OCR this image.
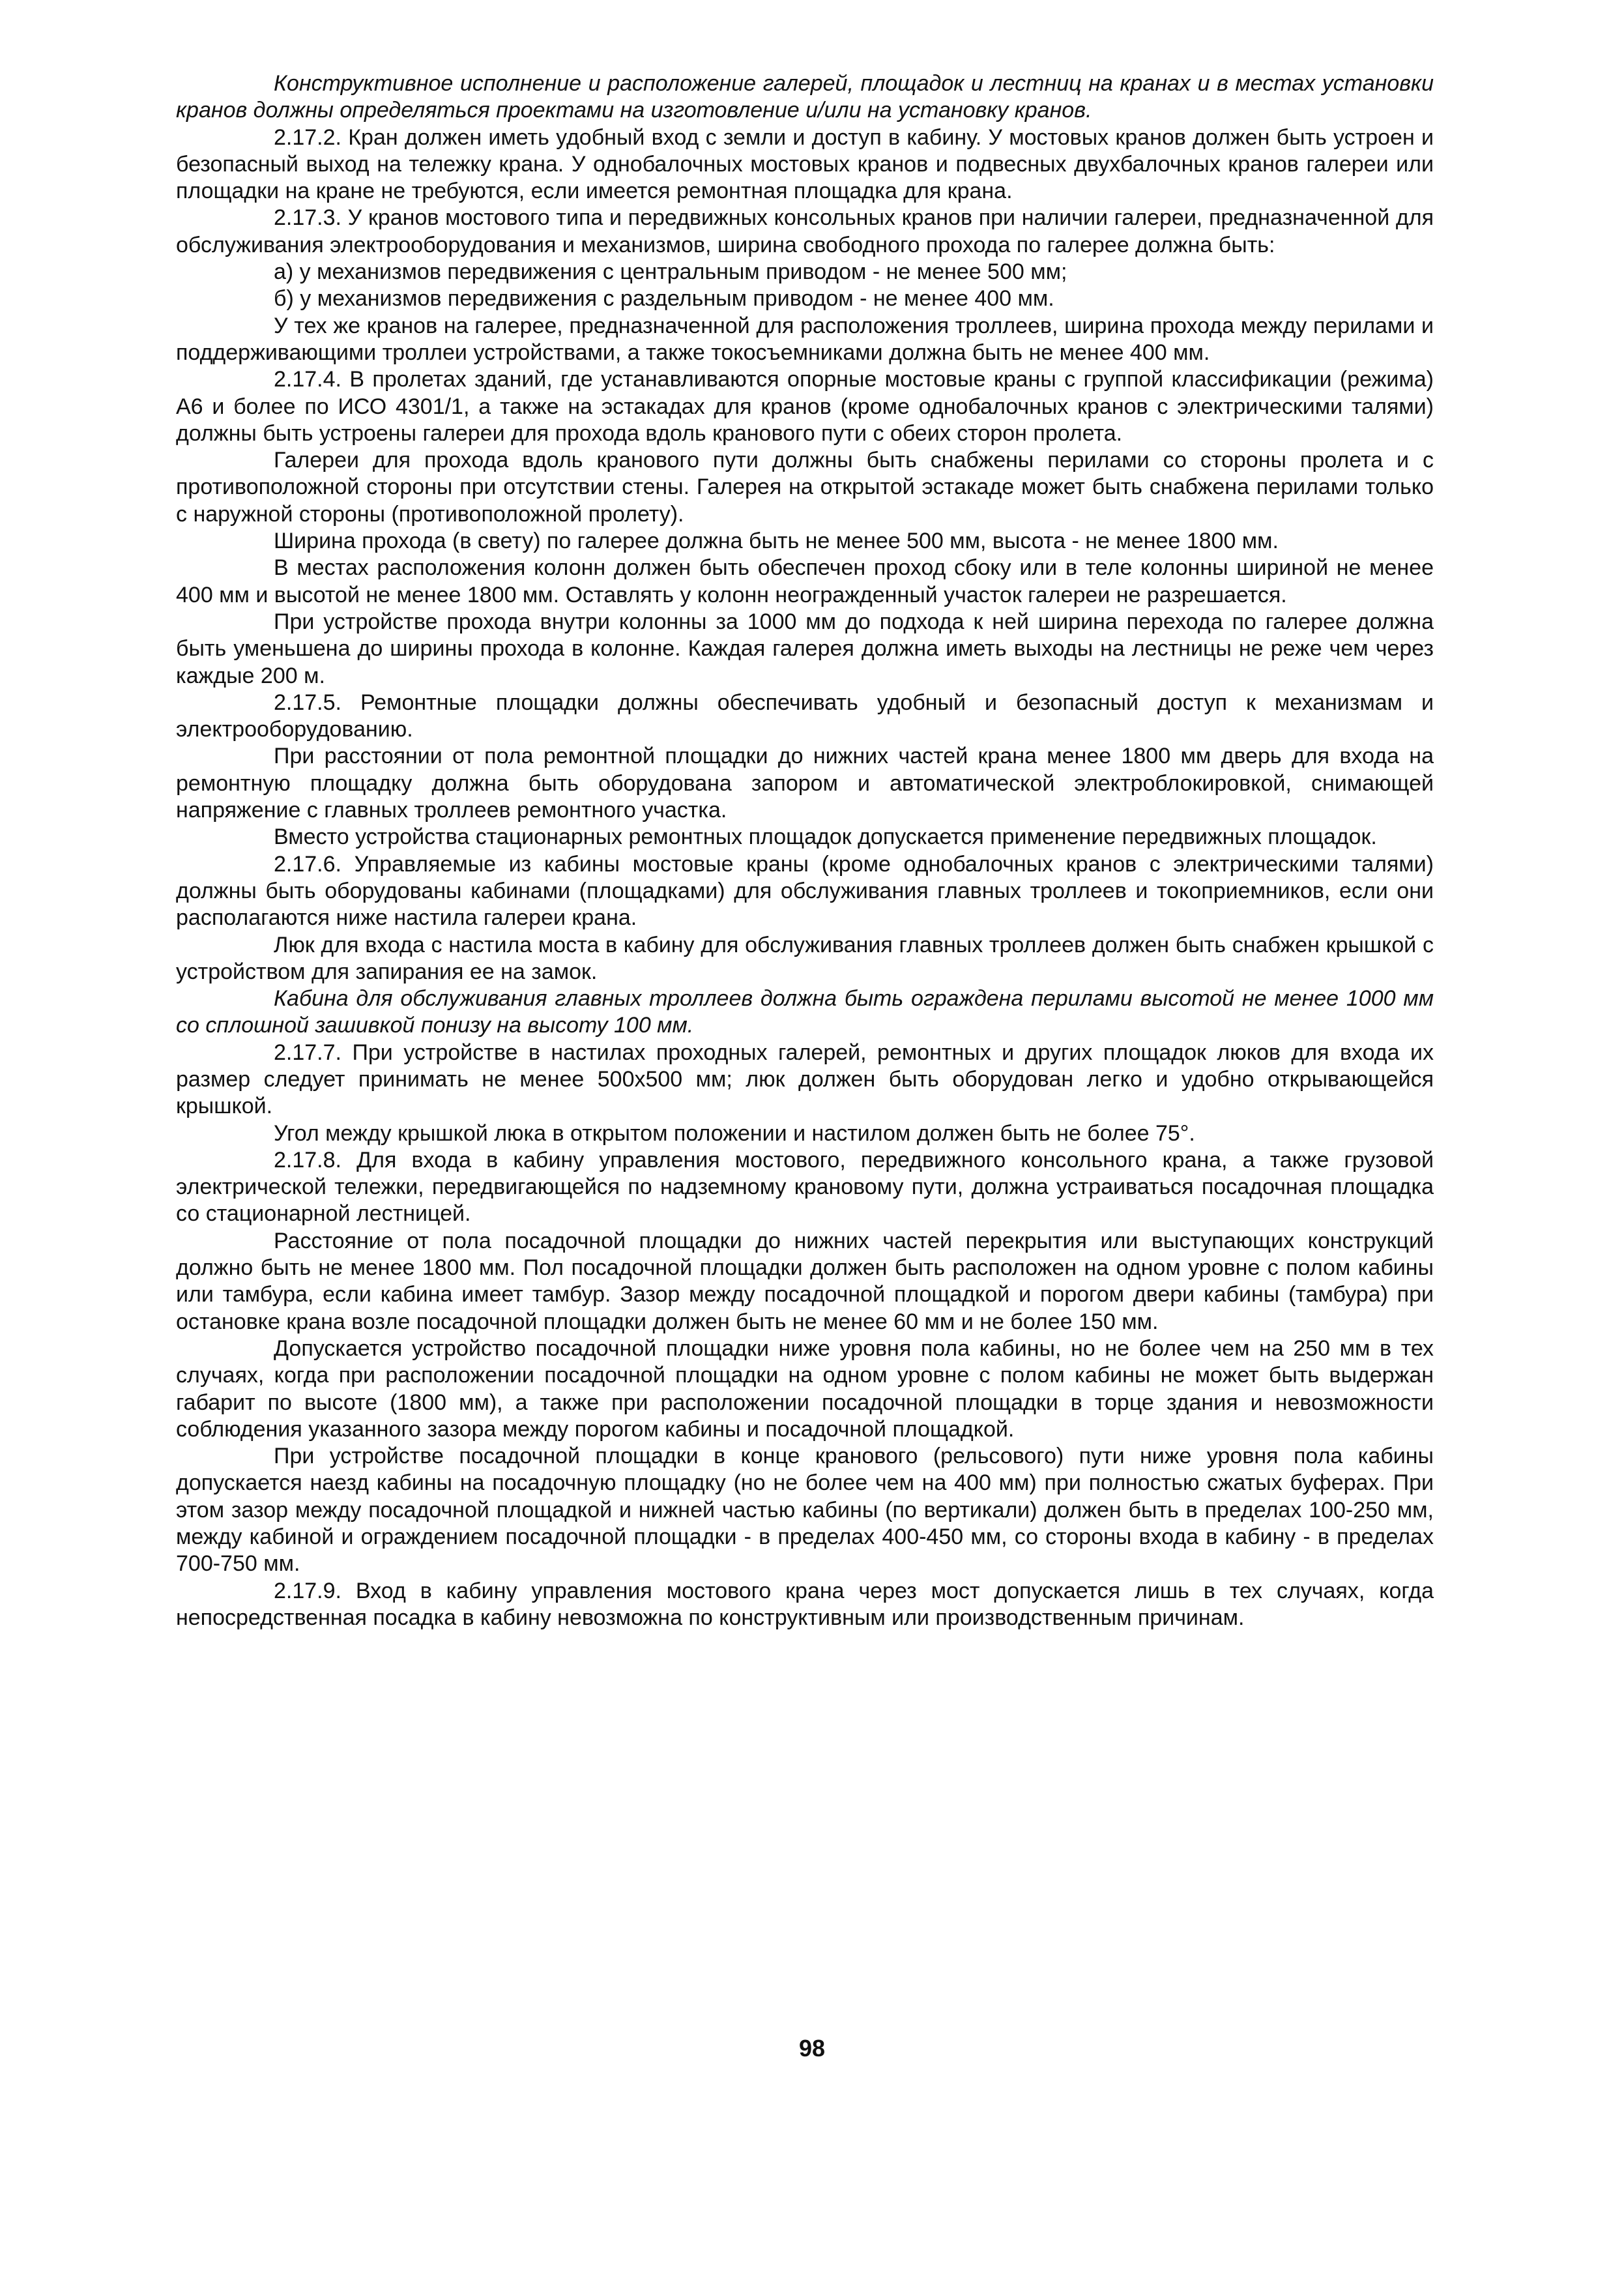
Конструктивное исполнение и расположение галерей, площадок и лестниц на кранах и в местах установки кранов должны определяться проектами на изготовление и/или на установку кранов.

2.17.2. Кран должен иметь удобный вход с земли и доступ в кабину. У мостовых кранов должен быть устроен и безопасный выход на тележку крана. У однобалочных мостовых кранов и подвесных двухбалочных кранов галереи или площадки на кране не требуются, если имеется ремонтная площадка для крана.

2.17.3. У кранов мостового типа и передвижных консольных кранов при наличии галереи, предназначенной для обслуживания электрооборудования и механизмов, ширина свободного прохода по галерее должна быть:

а) у механизмов передвижения с центральным приводом - не менее 500 мм;

б) у механизмов передвижения с раздельным приводом - не менее 400 мм.

У тех же кранов на галерее, предназначенной для расположения троллеев, ширина прохода между перилами и поддерживающими троллеи устройствами, а также токосъемниками должна быть не менее 400 мм.

2.17.4. В пролетах зданий, где устанавливаются опорные мостовые краны с группой классификации (режима) А6 и более по ИСО 4301/1, а также на эстакадах для кранов (кроме однобалочных кранов с электрическими талями) должны быть устроены галереи для прохода вдоль кранового пути с обеих сторон пролета.

Галереи для прохода вдоль кранового пути должны быть снабжены перилами со стороны пролета и с противоположной стороны при отсутствии стены. Галерея на открытой эстакаде может быть снабжена перилами только с наружной стороны (противоположной пролету).

Ширина прохода (в свету) по галерее должна быть не менее 500 мм, высота - не менее 1800 мм.

В местах расположения колонн должен быть обеспечен проход сбоку или в теле колонны шириной не менее 400 мм и высотой не менее 1800 мм. Оставлять у колонн неогражденный участок галереи не разрешается.

При устройстве прохода внутри колонны за 1000 мм до подхода к ней ширина перехода по галерее должна быть уменьшена до ширины прохода в колонне. Каждая галерея должна иметь выходы на лестницы не реже чем через каждые 200 м.

2.17.5. Ремонтные площадки должны обеспечивать удобный и безопасный доступ к механизмам и электрооборудованию.

При расстоянии от пола ремонтной площадки до нижних частей крана менее 1800 мм дверь для входа на ремонтную площадку должна быть оборудована запором и автоматической электроблокировкой, снимающей напряжение с главных троллеев ремонтного участка.

Вместо устройства стационарных ремонтных площадок допускается применение передвижных площадок.

2.17.6. Управляемые из кабины мостовые краны (кроме однобалочных кранов с электрическими талями) должны быть оборудованы кабинами (площадками) для обслуживания главных троллеев и токоприемников, если они располагаются ниже настила галереи крана.

Люк для входа с настила моста в кабину для обслуживания главных троллеев должен быть снабжен крышкой с устройством для запирания ее на замок.

Кабина для обслуживания главных троллеев должна быть ограждена перилами высотой не менее 1000 мм со сплошной зашивкой понизу на высоту 100 мм.

2.17.7. При устройстве в настилах проходных галерей, ремонтных и других площадок люков для входа их размер следует принимать не менее 500х500 мм; люк должен быть оборудован легко и удобно открывающейся крышкой.

Угол между крышкой люка в открытом положении и настилом должен быть не более 75°.

2.17.8. Для входа в кабину управления мостового, передвижного консольного крана, а также грузовой электрической тележки, передвигающейся по надземному крановому пути, должна устраиваться посадочная площадка со стационарной лестницей.

Расстояние от пола посадочной площадки до нижних частей перекрытия или выступающих конструкций должно быть не менее 1800 мм. Пол посадочной площадки должен быть расположен на одном уровне с полом кабины или тамбура, если кабина имеет тамбур. Зазор между посадочной площадкой и порогом двери кабины (тамбура) при остановке крана возле посадочной площадки должен быть не менее 60 мм и не более 150 мм.

Допускается устройство посадочной площадки ниже уровня пола кабины, но не более чем на 250 мм в тех случаях, когда при расположении посадочной площадки на одном уровне с полом кабины не может быть выдержан габарит по высоте (1800 мм), а также при расположении посадочной площадки в торце здания и невозможности соблюдения указанного зазора между порогом кабины и посадочной площадкой.

При устройстве посадочной площадки в конце кранового (рельсового) пути ниже уровня пола кабины допускается наезд кабины на посадочную площадку (но не более чем на 400 мм) при полностью сжатых буферах. При этом зазор между посадочной площадкой и нижней частью кабины (по вертикали) должен быть в пределах 100-250 мм, между кабиной и ограждением посадочной площадки - в пределах 400-450 мм, со стороны входа в кабину - в пределах 700-750 мм.

2.17.9. Вход в кабину управления мостового крана через мост допускается лишь в тех случаях, когда непосредственная посадка в кабину невозможна по конструктивным или производственным причинам.

98
